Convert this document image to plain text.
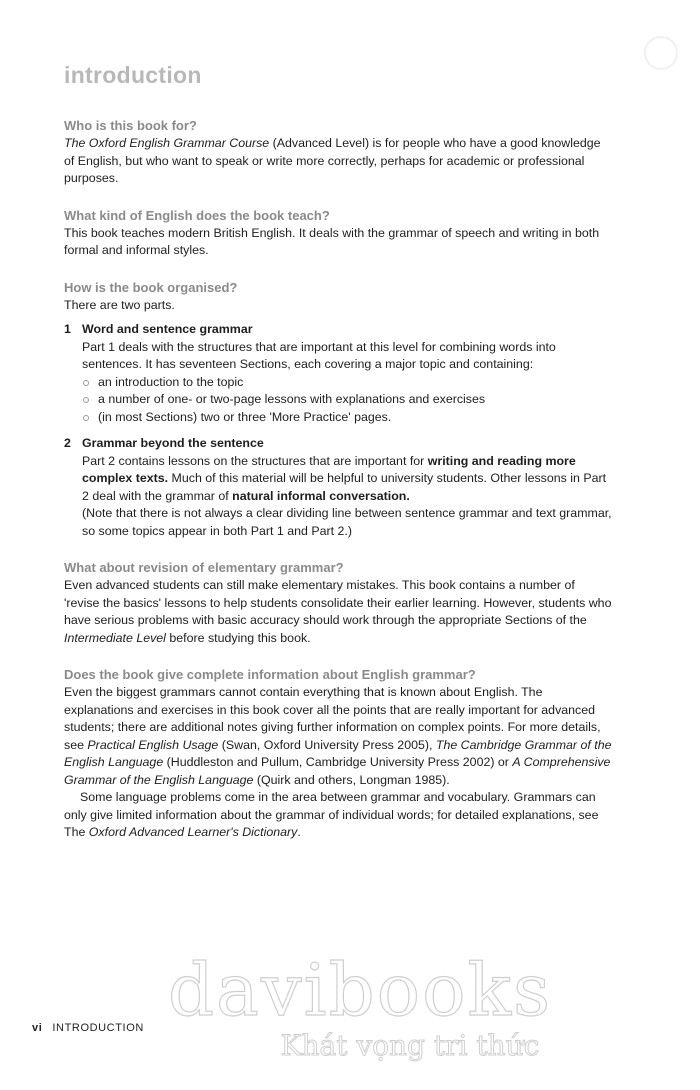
introduction
Who is this book for?

The Oxford English Grammar Course (Advanced Level) is for people who have a good knowledge of English, but who want to speak or write more correctly, perhaps for academic or professional purposes.

What kind of English does the book teach?

This book teaches modern British English. It deals with the grammar of speech and writing in both formal and informal styles.

How is the book organised?

There are two parts.

1 Word and sentence grammar
Part 1 deals with the structures that are important at this level for combining words into sentences. It has seventeen Sections, each covering a major topic and containing:
an introduction to the topic
a number of one- or two-page lessons with explanations and exercises
(in most Sections) two or three 'More Practice' pages.
2 Grammar beyond the sentence
Part 2 contains lessons on the structures that are important for writing and reading more complex texts. Much of this material will be helpful to university students. Other lessons in Part 2 deal with the grammar of natural informal conversation.
(Note that there is not always a clear dividing line between sentence grammar and text grammar, so some topics appear in both Part 1 and Part 2.)
What about revision of elementary grammar?

Even advanced students can still make elementary mistakes. This book contains a number of 'revise the basics' lessons to help students consolidate their earlier learning. However, students who have serious problems with basic accuracy should work through the appropriate Sections of the Intermediate Level before studying this book.

Does the book give complete information about English grammar?

Even the biggest grammars cannot contain everything that is known about English. The explanations and exercises in this book cover all the points that are really important for advanced students; there are additional notes giving further information on complex points. For more details, see Practical English Usage (Swan, Oxford University Press 2005), The Cambridge Grammar of the English Language (Huddleston and Pullum, Cambridge University Press 2002) or A Comprehensive Grammar of the English Language (Quirk and others, Longman 1985).

Some language problems come in the area between grammar and vocabulary. Grammars can only give limited information about the grammar of individual words; for detailed explanations, see The Oxford Advanced Learner's Dictionary.

vi INTRODUCTION davibooks
Khát vọng tri thức
